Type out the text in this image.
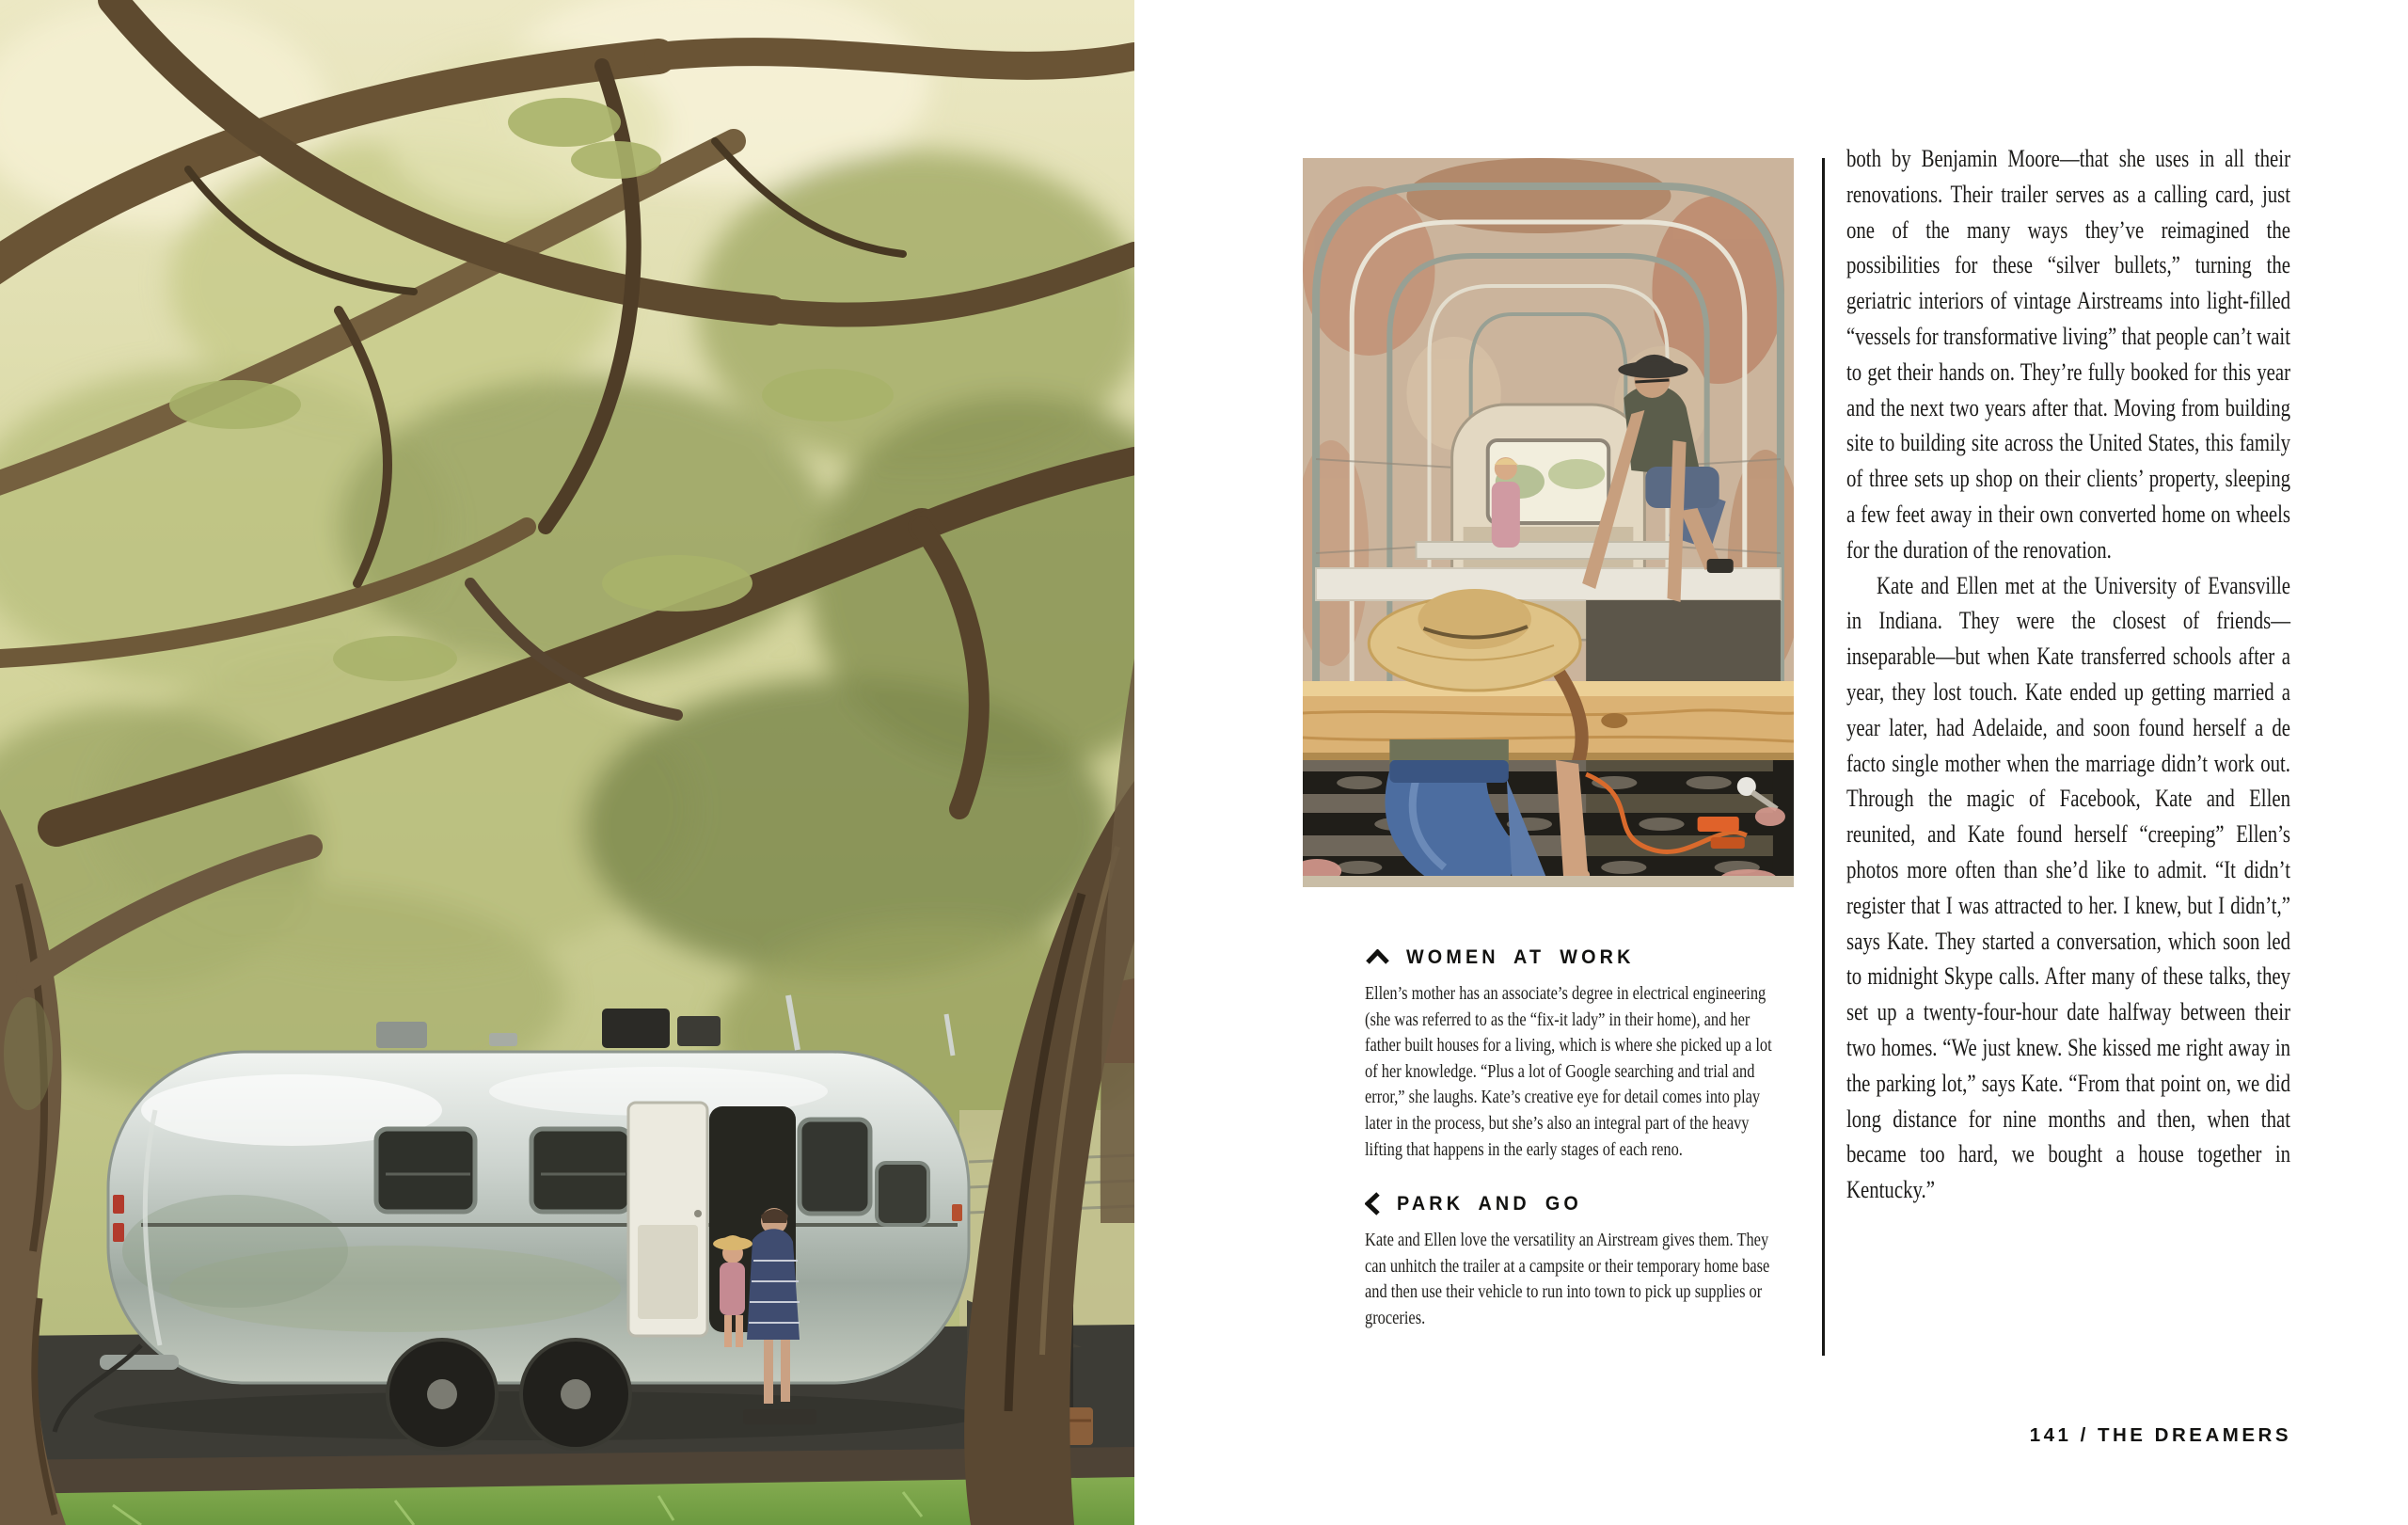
WOMEN AT WORK

Ellen’s mother has an associate’s degree in electrical engineering (she was referred to as the “fix-it lady” in their home), and her father built houses for a living, which is where she picked up a lot of her knowledge. “Plus a lot of Google searching and trial and error,” she laughs. Kate’s creative eye for detail comes into play later in the process, but she’s also an integral part of the heavy lifting that happens in the early stages of each reno.

PARK AND GO

Kate and Ellen love the versatility an Airstream gives them. They can unhitch the trailer at a campsite or their temporary home base and then use their vehicle to run into town to pick up supplies or groceries.

both by Benjamin Moore—that she uses in all their renovations. Their trailer serves as a calling card, just one of the many ways they’ve reimagined the possibilities for these “silver bullets,” turning the geriatric interiors of vintage Airstreams into light-filled “vessels for transformative living” that people can’t wait to get their hands on. They’re fully booked for this year and the next two years after that. Moving from building site to building site across the United States, this family of three sets up shop on their clients’ property, sleeping a few feet away in their own converted home on wheels for the duration of the renovation.

Kate and Ellen met at the University of Evansville in Indiana. They were the closest of friends—inseparable—but when Kate transferred schools after a year, they lost touch. Kate ended up getting married a year later, had Adelaide, and soon found herself a de facto single mother when the marriage didn’t work out. Through the magic of Facebook, Kate and Ellen reunited, and Kate found herself “creeping” Ellen’s photos more often than she’d like to admit. “It didn’t register that I was attracted to her. I knew, but I didn’t,” says Kate. They started a conversation, which soon led to midnight Skype calls. After many of these talks, they set up a twenty-four-hour date halfway between their two homes. “We just knew. She kissed me right away in the parking lot,” says Kate. “From that point on, we did long distance for nine months and then, when that became too hard, we bought a house together in Kentucky.”

141 / THE DREAMERS
